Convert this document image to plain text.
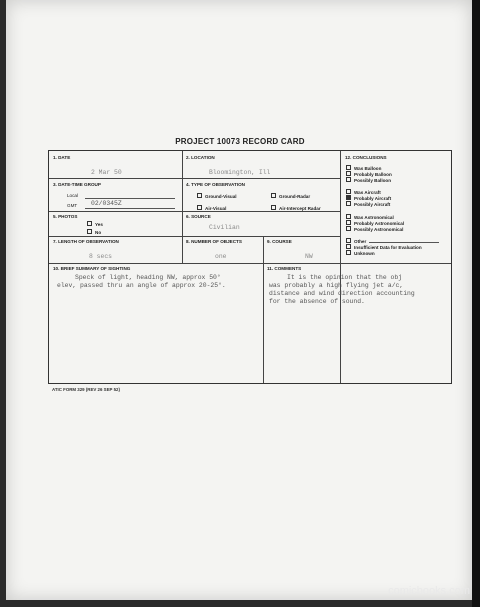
PROJECT 10073 RECORD CARD
1. DATE
2 Mar 50
2. LOCATION
Bloomington, Ill
3. DATE-TIME GROUP
Local
GMT 02/0345Z
4. TYPE OF OBSERVATION
Ground-Visual	Ground-Radar
Air-Visual	Air-Intercept Radar
5. PHOTOS
Yes
No
6. SOURCE
Civilian
7. LENGTH OF OBSERVATION
8 secs
8. NUMBER OF OBJECTS
one
9. COURSE
NW
10. BRIEF SUMMARY OF SIGHTING
Speck of light, heading NW, approx 50°
elev, passed thru an angle of approx 20-25°.
11. COMMENTS
It is the opinion that the obj
was probably a high flying jet a/c,
distance and wind direction accounting
for the absence of sound.
12. CONCLUSIONS
Was Balloon
Probably Balloon
Possibly Balloon
Was Aircraft
Probably Aircraft
Possibly Aircraft
Was Astronomical
Probably Astronomical
Possibly Astronomical
Other
Insufficient Data for Evaluation
Unknown
ATIC FORM 329 (REV 26 SEP 52)
comicbooks.com
